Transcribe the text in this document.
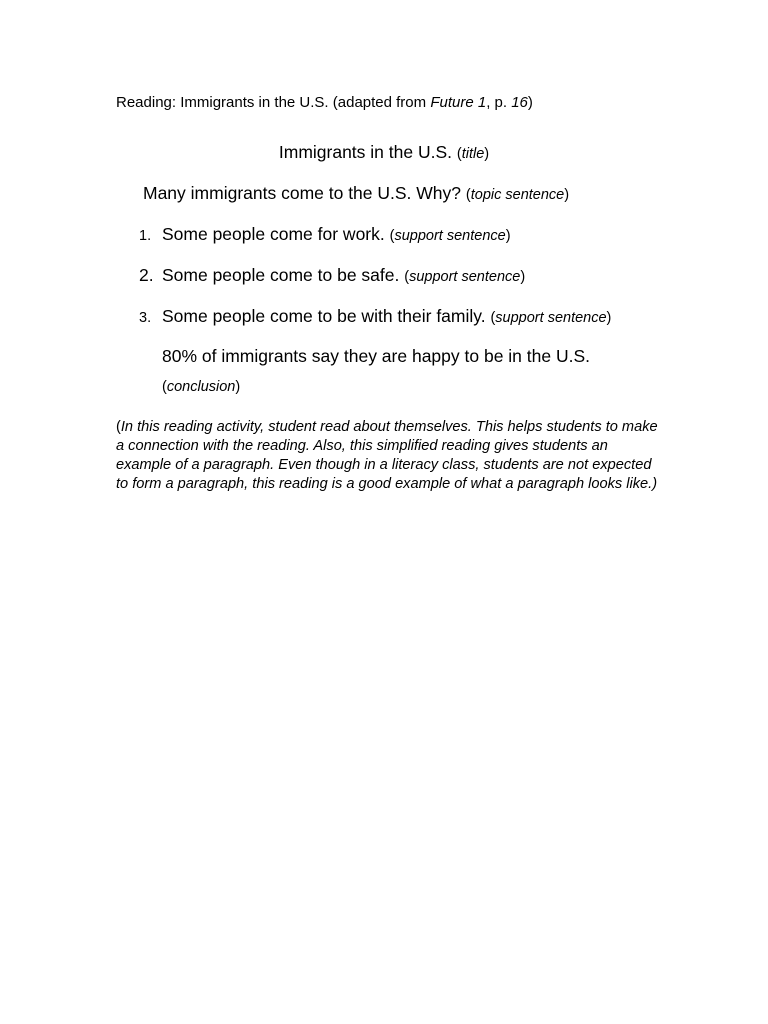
Reading: Immigrants in the U.S. (adapted from Future 1, p. 16)
Immigrants in the U.S. (title)
Many immigrants come to the U.S. Why? (topic sentence)
1. Some people come for work. (support sentence)
2. Some people come to be safe. (support sentence)
3. Some people come to be with their family. (support sentence)
80% of immigrants say they are happy to be in the U.S.
(conclusion)
(In this reading activity, student read about themselves. This helps students to make a connection with the reading. Also, this simplified reading gives students an example of a paragraph. Even though in a literacy class, students are not expected to form a paragraph, this reading is a good example of what a paragraph looks like.)
